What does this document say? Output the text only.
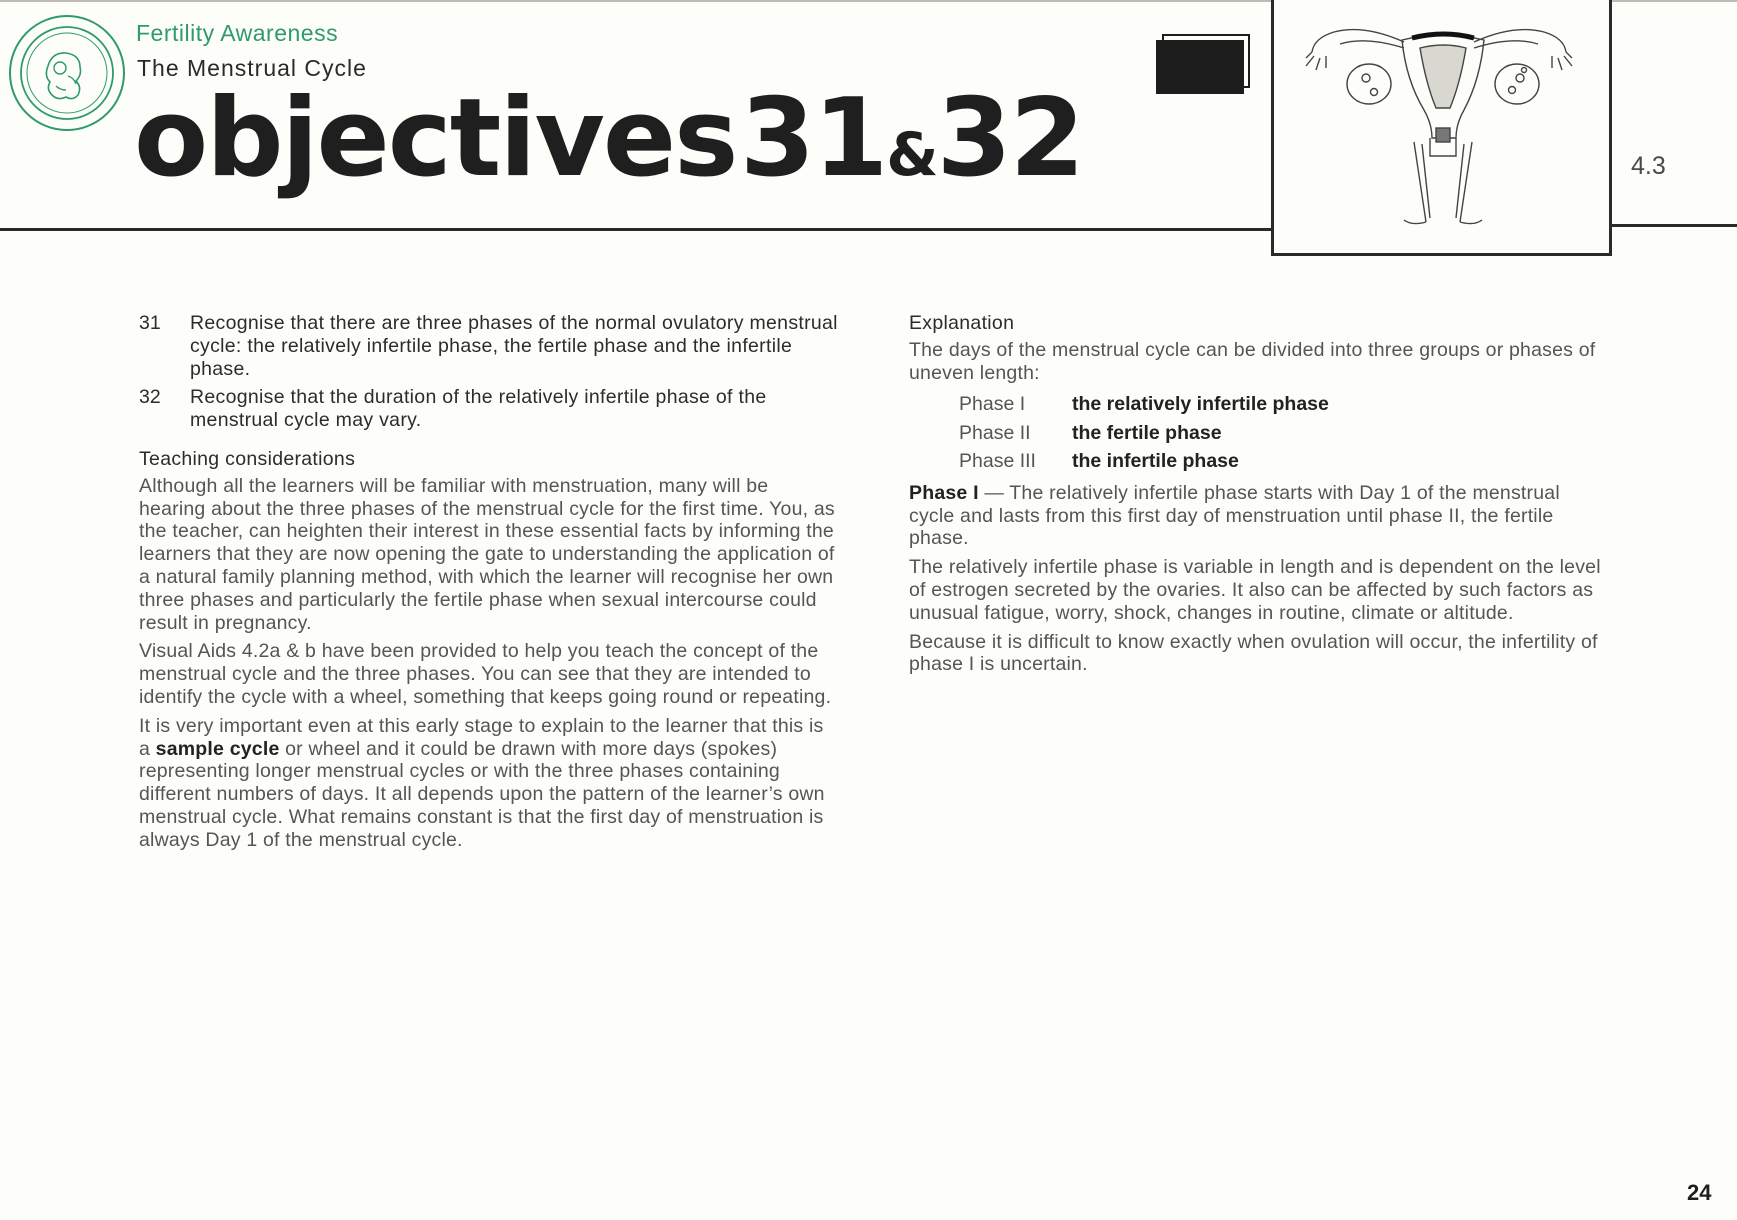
Fertility Awareness
The Menstrual Cycle
objectives 31&32	4.3
31	Recognise that there are three phases of the normal ovulatory menstrual cycle: the relatively infertile phase, the fertile phase and the infertile phase.
32	Recognise that the duration of the relatively infertile phase of the menstrual cycle may vary.
Teaching considerations

Although all the learners will be familiar with menstruation, many will be hearing about the three phases of the menstrual cycle for the first time. You, as the teacher, can heighten their interest in these essential facts by informing the learners that they are now opening the gate to understanding the application of a natural family planning method, with which the learner will recognise her own three phases and particularly the fertile phase when sexual intercourse could result in pregnancy.

Visual Aids 4.2a & b have been provided to help you teach the concept of the menstrual cycle and the three phases. You can see that they are intended to identify the cycle with a wheel, something that keeps going round or repeating.

It is very important even at this early stage to explain to the learner that this is a sample cycle or wheel and it could be drawn with more days (spokes) representing longer menstrual cycles or with the three phases containing different numbers of days. It all depends upon the pattern of the learner’s own menstrual cycle. What remains constant is that the first day of menstruation is always Day 1 of the menstrual cycle.

Explanation

The days of the menstrual cycle can be divided into three groups or phases of uneven length:

Phase I	the relatively infertile phase
Phase II	the fertile phase
Phase III	the infertile phase

Phase I — The relatively infertile phase starts with Day 1 of the menstrual cycle and lasts from this first day of menstruation until phase II, the fertile phase.

The relatively infertile phase is variable in length and is dependent on the level of estrogen secreted by the ovaries. It also can be affected by such factors as unusual fatigue, worry, shock, changes in routine, climate or altitude.

Because it is difficult to know exactly when ovulation will occur, the infertility of phase I is uncertain.

24
